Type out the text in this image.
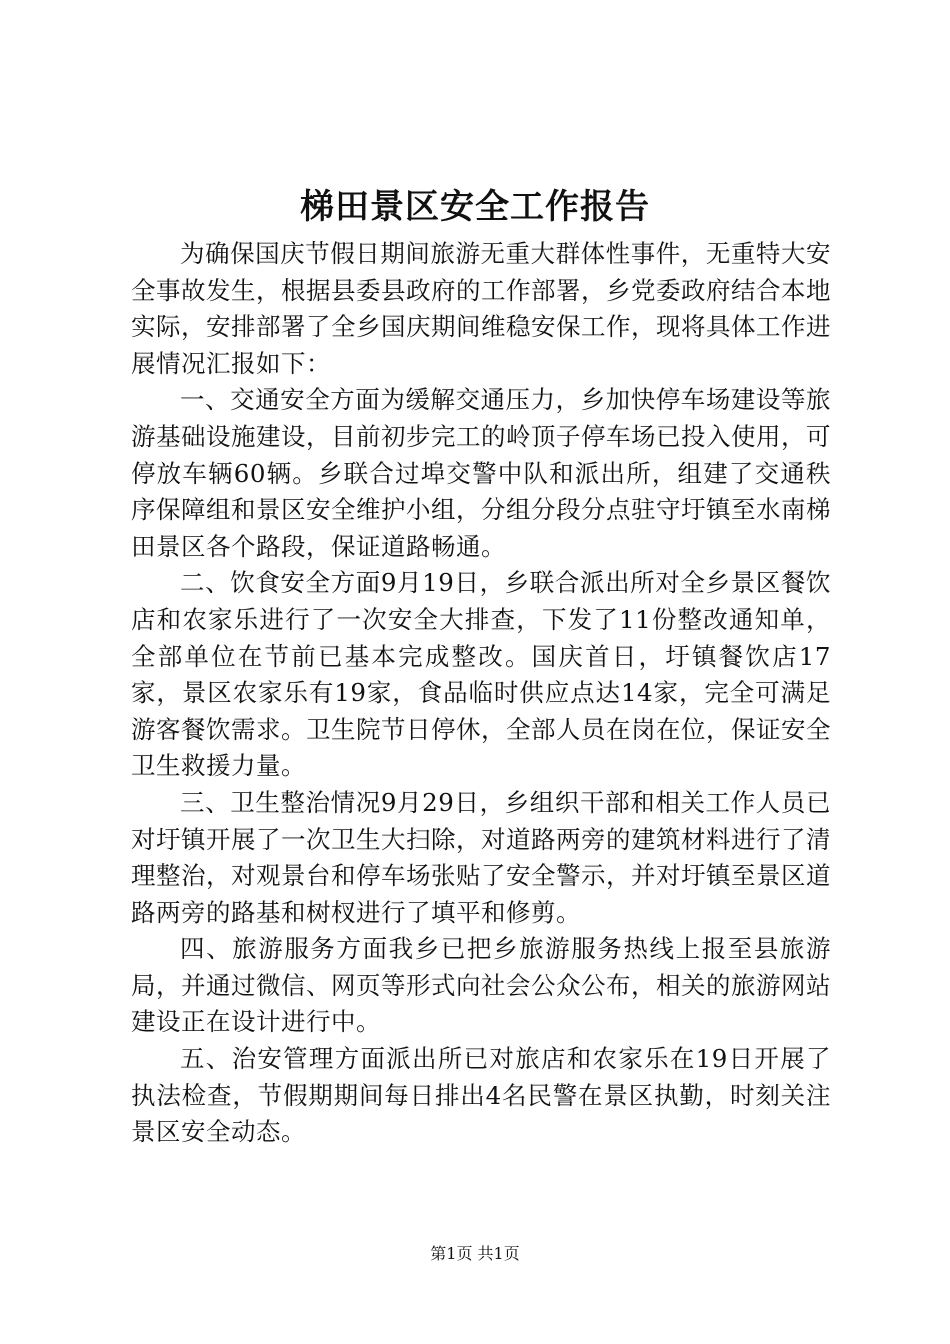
梯田景区安全工作报告

为确保国庆节假日期间旅游无重大群体性事件，无重特大安全事故发生，根据县委县政府的工作部署，乡党委政府结合本地实际，安排部署了全乡国庆期间维稳安保工作，现将具体工作进展情况汇报如下：

一、交通安全方面为缓解交通压力，乡加快停车场建设等旅游基础设施建设，目前初步完工的岭顶子停车场已投入使用，可停放车辆60辆。乡联合过埠交警中队和派出所，组建了交通秩序保障组和景区安全维护小组，分组分段分点驻守圩镇至水南梯田景区各个路段，保证道路畅通。

二、饮食安全方面9月19日，乡联合派出所对全乡景区餐饮店和农家乐进行了一次安全大排查，下发了11份整改通知单，全部单位在节前已基本完成整改。国庆首日，圩镇餐饮店17家，景区农家乐有19家，食品临时供应点达14家，完全可满足游客餐饮需求。卫生院节日停休，全部人员在岗在位，保证安全卫生救援力量。

三、卫生整治情况9月29日，乡组织干部和相关工作人员已对圩镇开展了一次卫生大扫除，对道路两旁的建筑材料进行了清理整治，对观景台和停车场张贴了安全警示，并对圩镇至景区道路两旁的路基和树杈进行了填平和修剪。

四、旅游服务方面我乡已把乡旅游服务热线上报至县旅游局，并通过微信、网页等形式向社会公众公布，相关的旅游网站建设正在设计进行中。

五、治安管理方面派出所已对旅店和农家乐在19日开展了执法检查，节假期期间每日排出4名民警在景区执勤，时刻关注景区安全动态。

第1页 共1页
